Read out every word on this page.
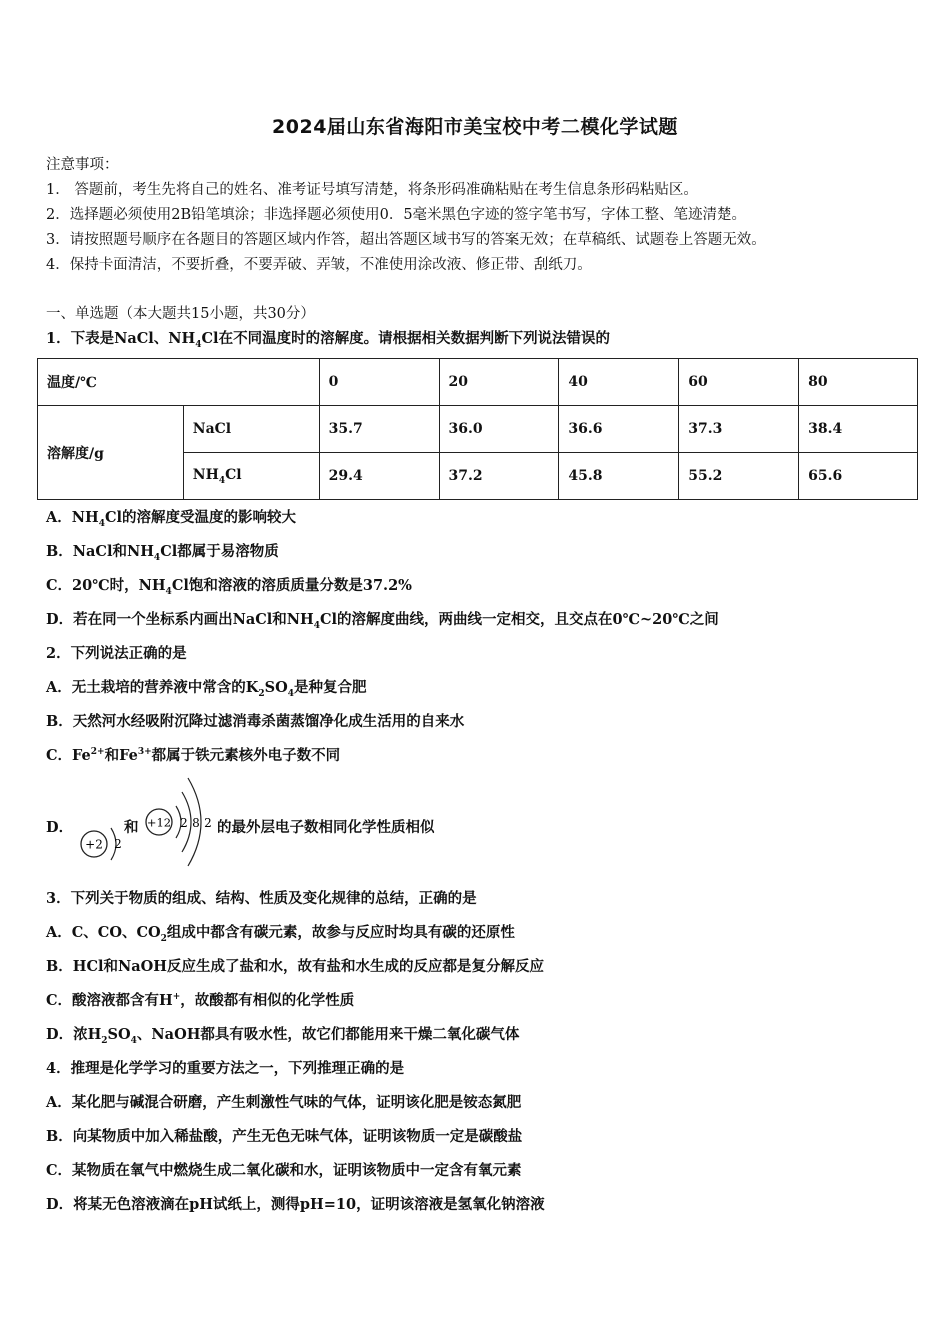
2024届山东省海阳市美宝校中考二模化学试题
注意事项：
1． 答题前，考生先将自己的姓名、准考证号填写清楚，将条形码准确粘贴在考生信息条形码粘贴区。
2．选择题必须使用2B铅笔填涂；非选择题必须使用0．5毫米黑色字迹的签字笔书写，字体工整、笔迹清楚。
3．请按照题号顺序在各题目的答题区域内作答，超出答题区域书写的答案无效；在草稿纸、试题卷上答题无效。
4．保持卡面清洁，不要折叠，不要弄破、弄皱，不准使用涂改液、修正带、刮纸刀。
一、单选题（本大题共15小题，共30分）
1．下表是NaCl、$NH_4Cl$在不同温度时的溶解度。请根据相关数据判断下列说法错误的
温度/℃		0	20	40	60	80
溶解度/g	NaCl	35.7	36.0	36.6	37.3	38.4
	$NH_4Cl$	29.4	37.2	45.8	55.2	65.6
A．$NH_4Cl$的溶解度受温度的影响较大
B．NaCl和$NH_4Cl$都属于易溶物质
C．20℃时，$NH_4Cl$饱和溶液的溶质质量分数是37.2%
D．若在同一个坐标系内画出NaCl和$NH_4Cl$的溶解度曲线，两曲线一定相交，且交点在0℃~20℃之间
2．下列说法正确的是
A．无土栽培的营养液中常含的$K_2SO_4$是种复合肥
B．天然河水经吸附沉降过滤消毒杀菌蒸馏净化成生活用的自来水
C．$Fe^{2+}$和$Fe^{3+}$都属于铁元素核外电子数不同
D．
+2 2
和 +12 2 8 2 的最外层电子数相同化学性质相似
3．下列关于物质的组成、结构、性质及变化规律的总结，正确的是
A．C、CO、$CO_2$组成中都含有碳元素，故参与反应时均具有碳的还原性
B．HCl和NaOH反应生成了盐和水，故有盐和水生成的反应都是复分解反应
C．酸溶液都含有H+，故酸都有相似的化学性质
D．浓$H_2SO_4$、NaOH都具有吸水性，故它们都能用来干燥二氧化碳气体
4．推理是化学学习的重要方法之一，下列推理正确的是
A．某化肥与碱混合研磨，产生刺激性气味的气体，证明该化肥是铵态氮肥
B．向某物质中加入稀盐酸，产生无色无味气体，证明该物质一定是碳酸盐
C．某物质在氧气中燃烧生成二氧化碳和水，证明该物质中一定含有氧元素
D．将某无色溶液滴在pH试纸上，测得pH=10，证明该溶液是氢氧化钠溶液
